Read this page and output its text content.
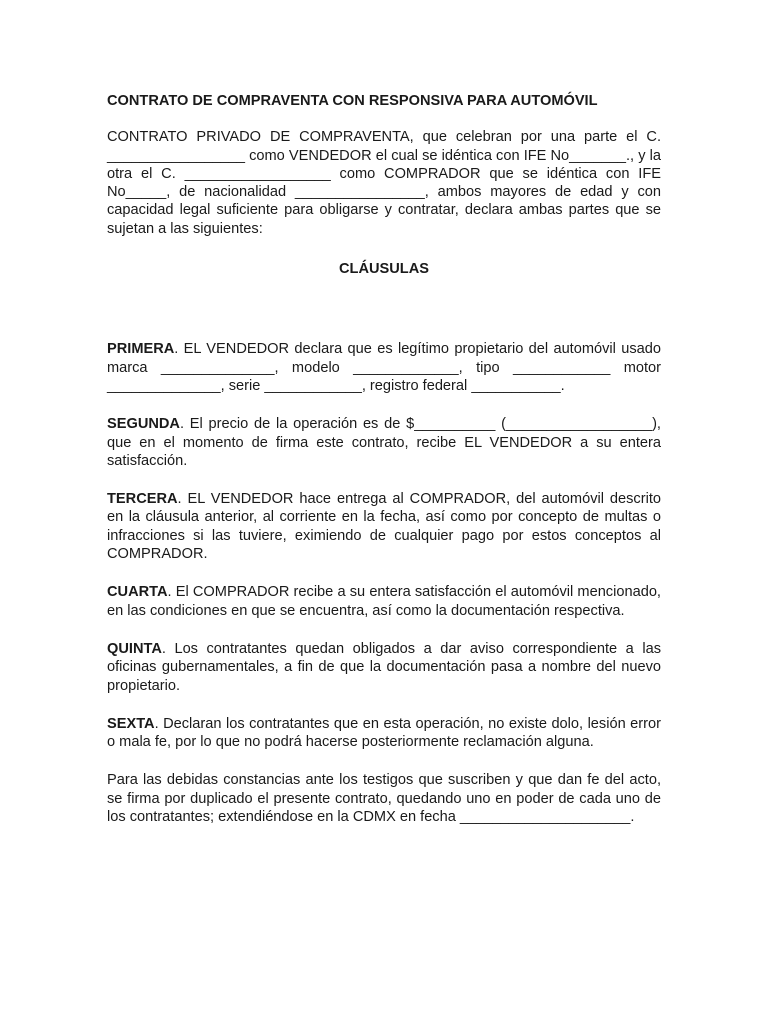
CONTRATO DE COMPRAVENTA CON RESPONSIVA PARA AUTOMÓVIL

CONTRATO PRIVADO DE COMPRAVENTA, que celebran por una parte el C. _________________ como VENDEDOR el cual se idéntica con IFE No_______., y la otra el C. __________________ como COMPRADOR que se idéntica con IFE No_____, de nacionalidad ________________, ambos mayores de edad y con capacidad legal suficiente para obligarse y contratar, declara ambas partes que se sujetan a las siguientes:

CLÁUSULAS

PRIMERA. EL VENDEDOR declara que es legítimo propietario del automóvil usado marca ______________, modelo _____________, tipo ____________ motor ______________, serie ____________, registro federal ___________.

SEGUNDA. El precio de la operación es de $__________ (__________________), que en el momento de firma este contrato, recibe EL VENDEDOR a su entera satisfacción.

TERCERA. EL VENDEDOR hace entrega al COMPRADOR, del automóvil descrito en la cláusula anterior, al corriente en la fecha, así como por concepto de multas o infracciones si las tuviere, eximiendo de cualquier pago por estos conceptos al COMPRADOR.

CUARTA. El COMPRADOR recibe a su entera satisfacción el automóvil mencionado, en las condiciones en que se encuentra, así como la documentación respectiva.

QUINTA. Los contratantes quedan obligados a dar aviso correspondiente a las oficinas gubernamentales, a fin de que la documentación pasa a nombre del nuevo propietario.

SEXTA. Declaran los contratantes que en esta operación, no existe dolo, lesión error o mala fe, por lo que no podrá hacerse posteriormente reclamación alguna.

Para las debidas constancias ante los testigos que suscriben y que dan fe del acto, se firma por duplicado el presente contrato, quedando uno en poder de cada uno de los contratantes; extendiéndose en la CDMX en fecha _____________________.
